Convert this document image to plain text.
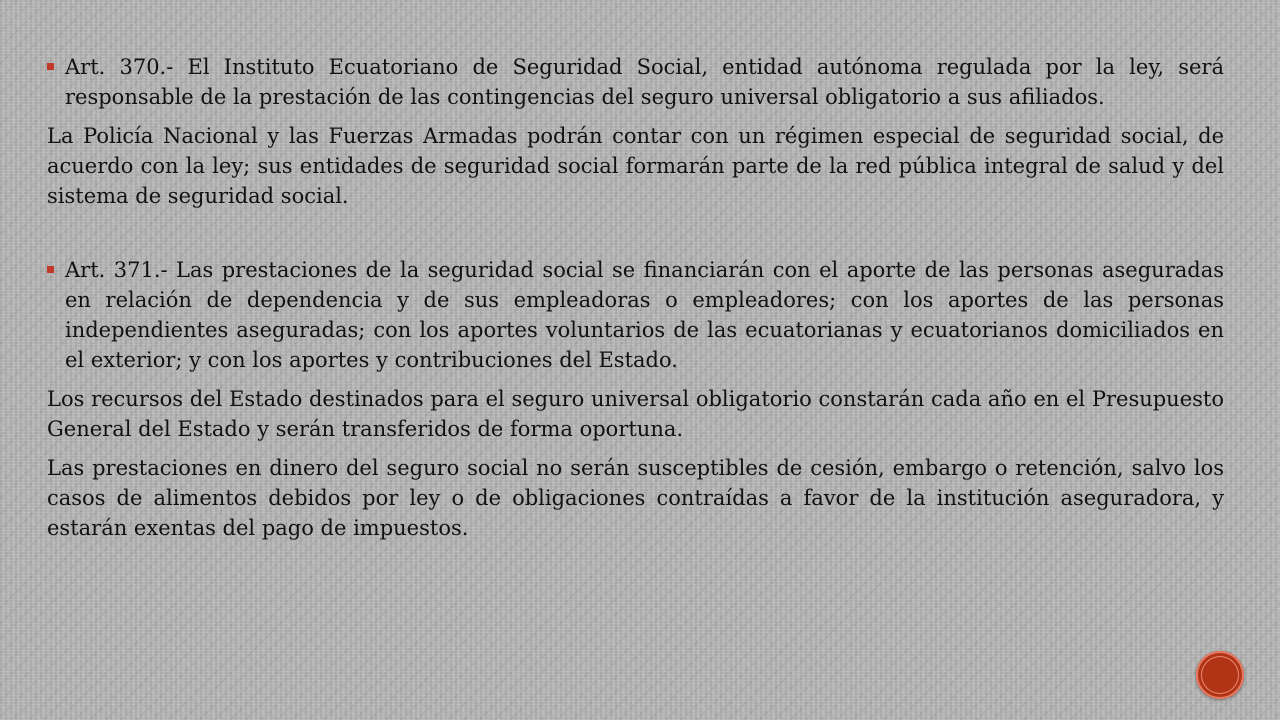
Art. 370.- El Instituto Ecuatoriano de Seguridad Social, entidad autónoma regulada por la ley, será responsable de la prestación de las contingencias del seguro universal obligatorio a sus afiliados.

La Policía Nacional y las Fuerzas Armadas podrán contar con un régimen especial de seguridad social, de acuerdo con la ley; sus entidades de seguridad social formarán parte de la red pública integral de salud y del sistema de seguridad social.

Art. 371.- Las prestaciones de la seguridad social se financiarán con el aporte de las personas aseguradas en relación de dependencia y de sus empleadoras o empleadores; con los aportes de las personas independientes aseguradas; con los aportes voluntarios de las ecuatorianas y ecuatorianos domiciliados en el exterior; y con los aportes y contribuciones del Estado.

Los recursos del Estado destinados para el seguro universal obligatorio constarán cada año en el Presupuesto General del Estado y serán transferidos de forma oportuna.

Las prestaciones en dinero del seguro social no serán susceptibles de cesión, embargo o retención, salvo los casos de alimentos debidos por ley o de obligaciones contraídas a favor de la institución aseguradora, y estarán exentas del pago de impuestos.
